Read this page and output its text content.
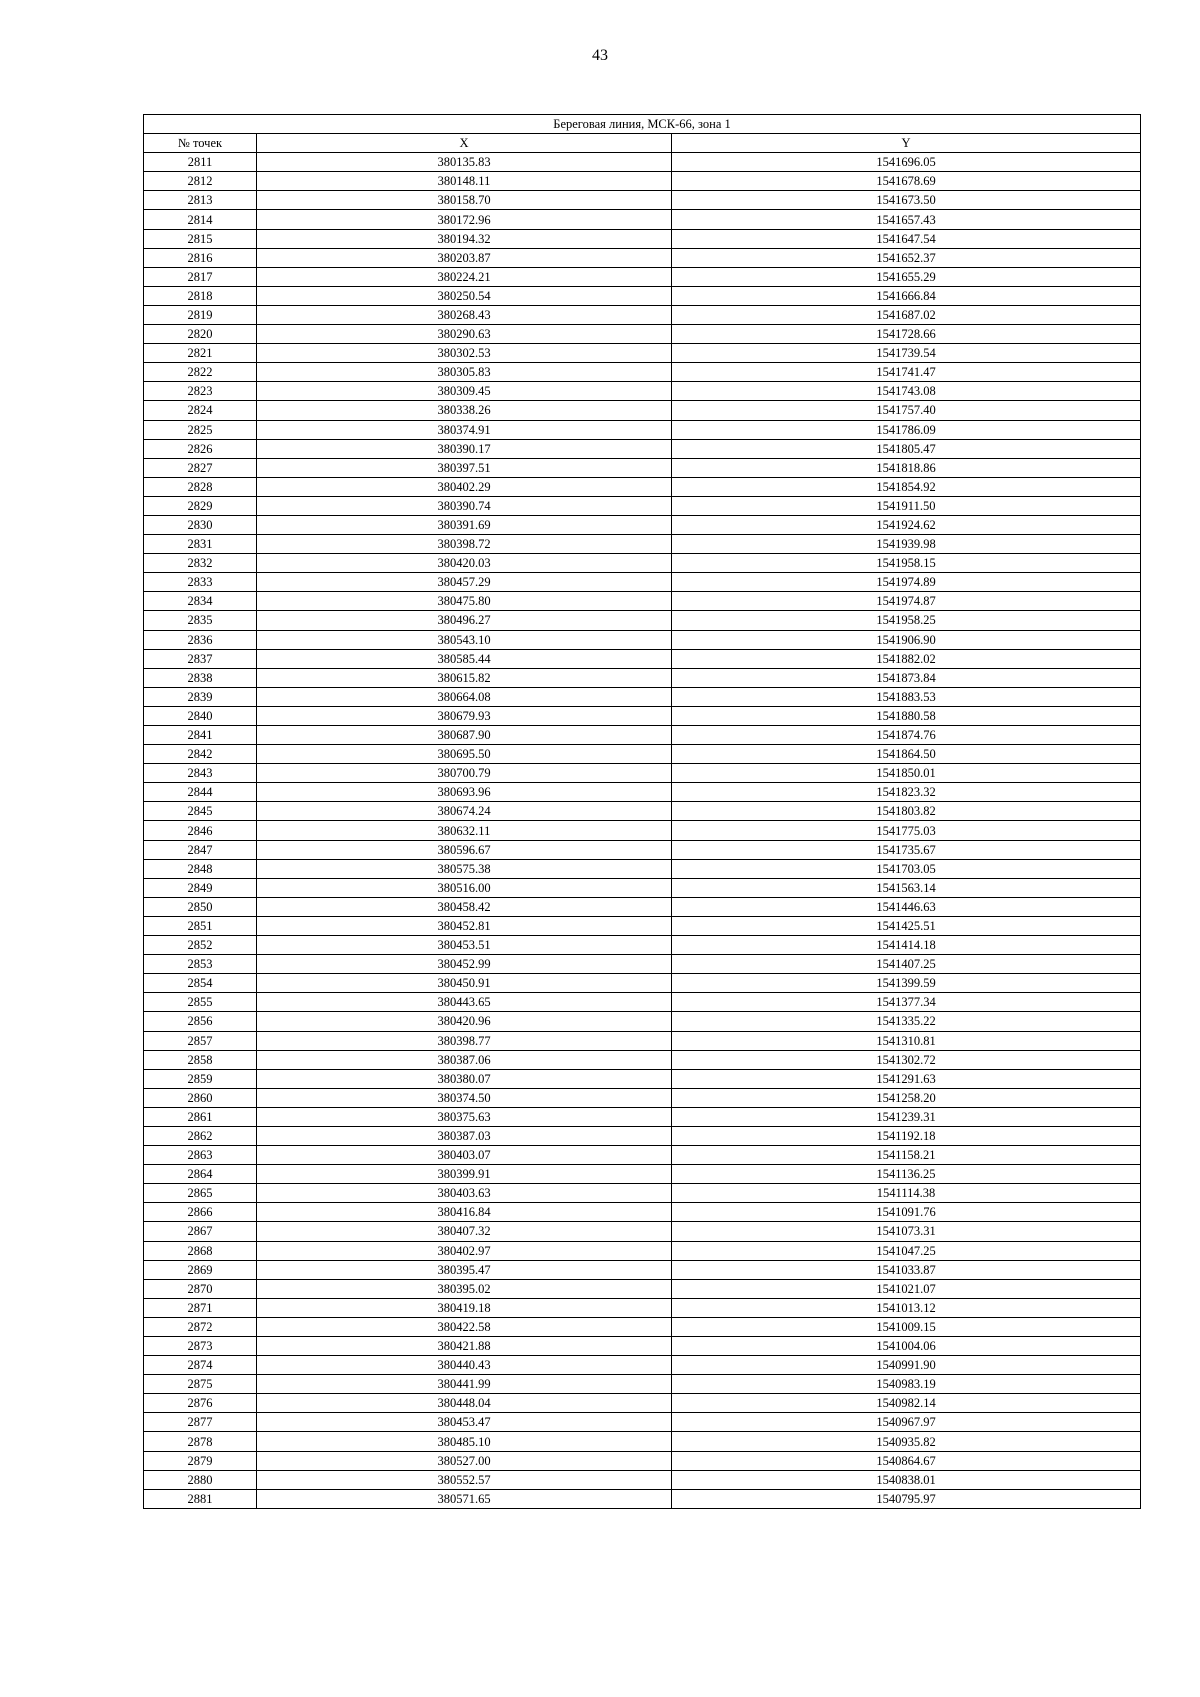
43
Береговая линия, МСК-66, зона 1		
№ точек	X	Y
2811	380135.83	1541696.05
2812	380148.11	1541678.69
2813	380158.70	1541673.50
2814	380172.96	1541657.43
2815	380194.32	1541647.54
2816	380203.87	1541652.37
2817	380224.21	1541655.29
2818	380250.54	1541666.84
2819	380268.43	1541687.02
2820	380290.63	1541728.66
2821	380302.53	1541739.54
2822	380305.83	1541741.47
2823	380309.45	1541743.08
2824	380338.26	1541757.40
2825	380374.91	1541786.09
2826	380390.17	1541805.47
2827	380397.51	1541818.86
2828	380402.29	1541854.92
2829	380390.74	1541911.50
2830	380391.69	1541924.62
2831	380398.72	1541939.98
2832	380420.03	1541958.15
2833	380457.29	1541974.89
2834	380475.80	1541974.87
2835	380496.27	1541958.25
2836	380543.10	1541906.90
2837	380585.44	1541882.02
2838	380615.82	1541873.84
2839	380664.08	1541883.53
2840	380679.93	1541880.58
2841	380687.90	1541874.76
2842	380695.50	1541864.50
2843	380700.79	1541850.01
2844	380693.96	1541823.32
2845	380674.24	1541803.82
2846	380632.11	1541775.03
2847	380596.67	1541735.67
2848	380575.38	1541703.05
2849	380516.00	1541563.14
2850	380458.42	1541446.63
2851	380452.81	1541425.51
2852	380453.51	1541414.18
2853	380452.99	1541407.25
2854	380450.91	1541399.59
2855	380443.65	1541377.34
2856	380420.96	1541335.22
2857	380398.77	1541310.81
2858	380387.06	1541302.72
2859	380380.07	1541291.63
2860	380374.50	1541258.20
2861	380375.63	1541239.31
2862	380387.03	1541192.18
2863	380403.07	1541158.21
2864	380399.91	1541136.25
2865	380403.63	1541114.38
2866	380416.84	1541091.76
2867	380407.32	1541073.31
2868	380402.97	1541047.25
2869	380395.47	1541033.87
2870	380395.02	1541021.07
2871	380419.18	1541013.12
2872	380422.58	1541009.15
2873	380421.88	1541004.06
2874	380440.43	1540991.90
2875	380441.99	1540983.19
2876	380448.04	1540982.14
2877	380453.47	1540967.97
2878	380485.10	1540935.82
2879	380527.00	1540864.67
2880	380552.57	1540838.01
2881	380571.65	1540795.97
